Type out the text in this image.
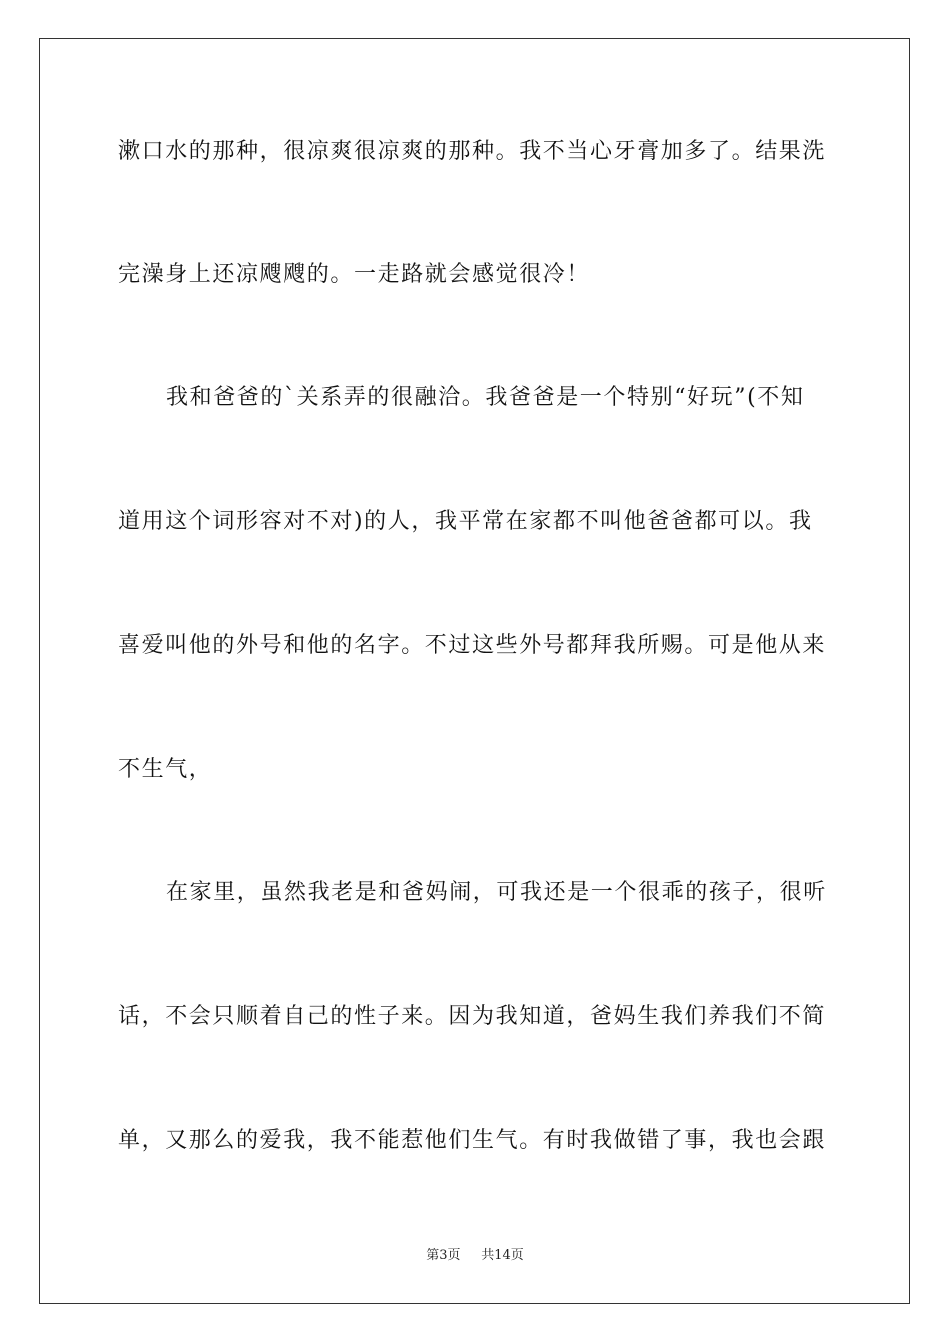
漱口水的那种，很凉爽很凉爽的那种。我不当心牙膏加多了。结果洗
完澡身上还凉飕飕的。一走路就会感觉很冷！
我和爸爸的`关系弄的很融洽。我爸爸是一个特别“好玩”(不知
道用这个词形容对不对)的人，我平常在家都不叫他爸爸都可以。我
喜爱叫他的外号和他的名字。不过这些外号都拜我所赐。可是他从来
不生气，
在家里，虽然我老是和爸妈闹，可我还是一个很乖的孩子，很听
话，不会只顺着自己的性子来。因为我知道，爸妈生我们养我们不简
单，又那么的爱我，我不能惹他们生气。有时我做错了事，我也会跟
第3页 共14页
